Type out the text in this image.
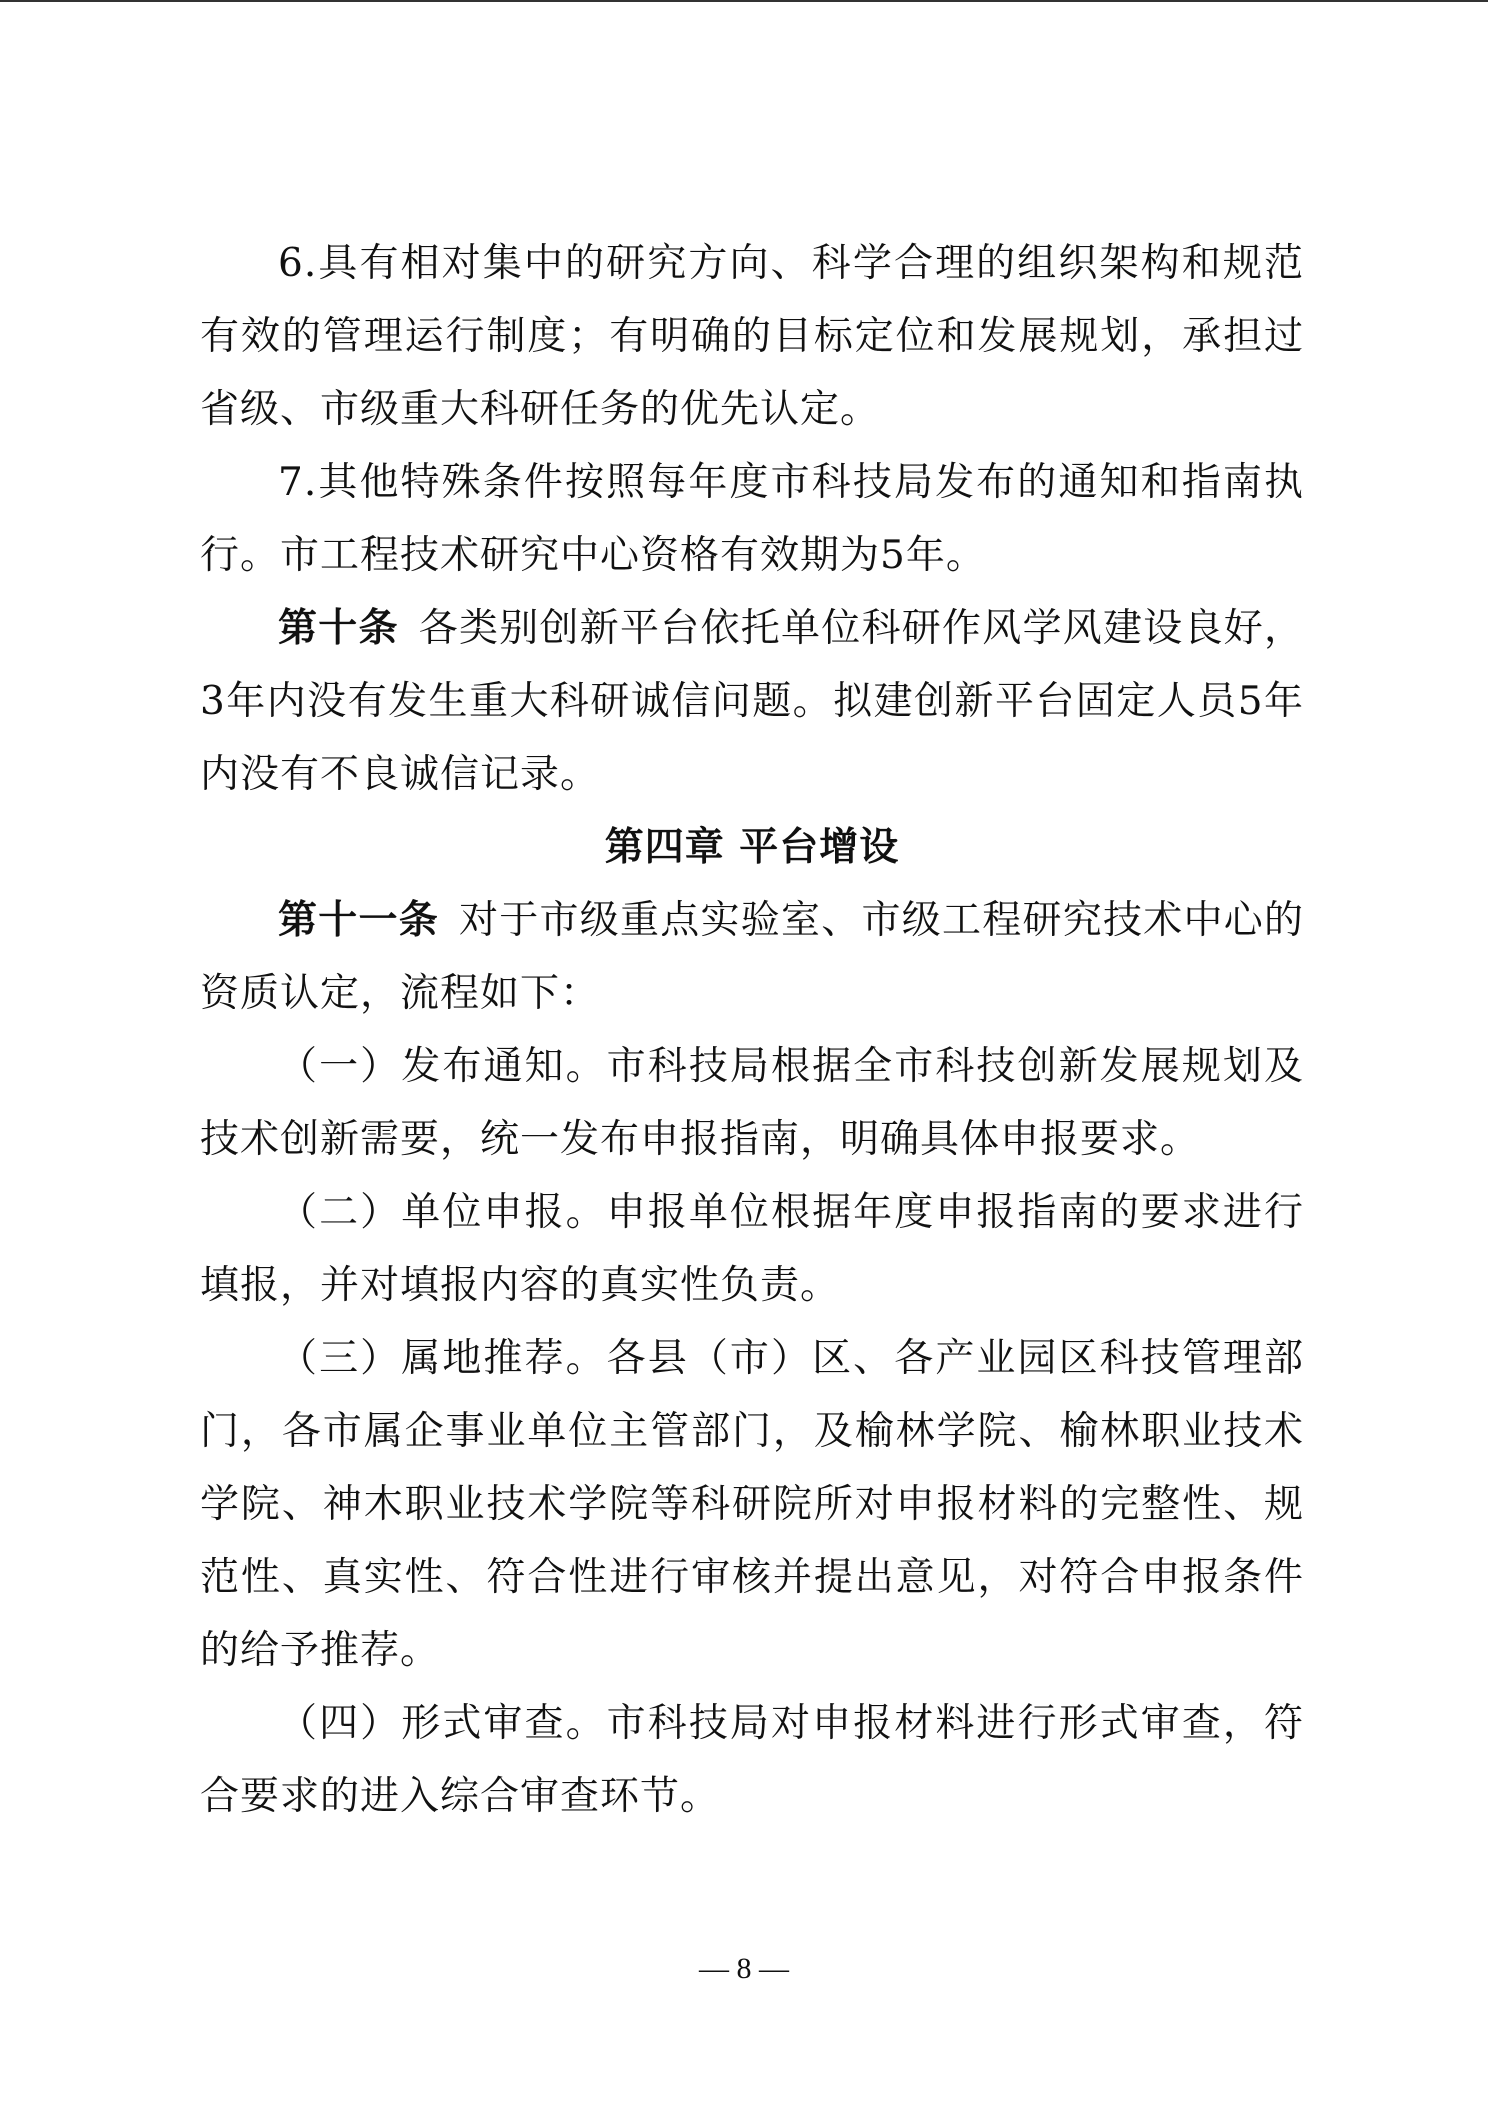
6.具有相对集中的研究方向、科学合理的组织架构和规范有效的管理运行制度；有明确的目标定位和发展规划，承担过省级、市级重大科研任务的优先认定。

7.其他特殊条件按照每年度市科技局发布的通知和指南执行。市工程技术研究中心资格有效期为5年。

第十条 各类别创新平台依托单位科研作风学风建设良好，3年内没有发生重大科研诚信问题。拟建创新平台固定人员5年内没有不良诚信记录。

第四章 平台增设

第十一条 对于市级重点实验室、市级工程研究技术中心的资质认定，流程如下：

（一）发布通知。市科技局根据全市科技创新发展规划及技术创新需要，统一发布申报指南，明确具体申报要求。

（二）单位申报。申报单位根据年度申报指南的要求进行填报，并对填报内容的真实性负责。

（三）属地推荐。各县（市）区、各产业园区科技管理部门，各市属企事业单位主管部门，及榆林学院、榆林职业技术学院、神木职业技术学院等科研院所对申报材料的完整性、规范性、真实性、符合性进行审核并提出意见，对符合申报条件的给予推荐。

（四）形式审查。市科技局对申报材料进行形式审查，符合要求的进入综合审查环节。

— 8 —
